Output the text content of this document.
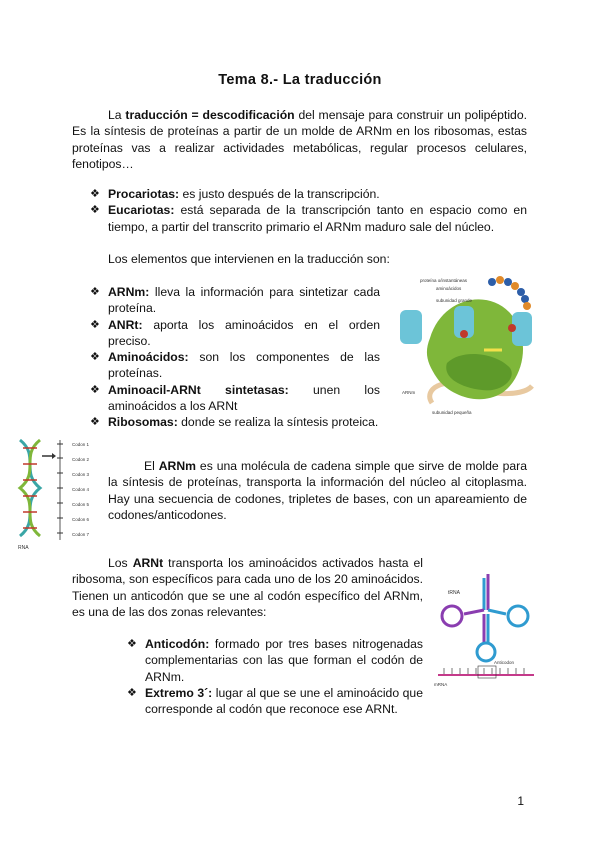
Tema 8.- La traducción

La traducción = descodificación del mensaje para construir un polipéptido. Es la síntesis de proteínas a partir de un molde de ARNm en los ribosomas, estas proteínas vas a realizar actividades metabólicas, regular procesos celulares, fenotipos…

❖ Procariotas: es justo después de la transcripción.
❖ Eucariotas: está separada de la transcripción tanto en espacio como en tiempo, a partir del transcrito primario el ARNm maduro sale del núcleo.

Los elementos que intervienen en la traducción son:

❖ ARNm: lleva la información para sintetizar cada proteína.
❖ ANRt: aporta los aminoácidos en el orden preciso.
❖ Aminoácidos: son los componentes de las proteínas.
❖ Aminoacil-ARNt sintetasas: unen los aminoácidos a los ARNt
❖ Ribosomas: donde se realiza la síntesis proteica.
proteína o/instantáneas
aminoácidos
subunidad grande
ARNm
subunidad pequeña
Codon 1
Codon 2
Codon 3
Codon 4
Codon 5
Codon 6
Codon 7
RNA

El ARNm es una molécula de cadena simple que sirve de molde para la síntesis de proteínas, transporta la información del núcleo al citoplasma. Hay una secuencia de codones, tripletes de bases, con un apareamiento de codones/anticodones.

Los ARNt transporta los aminoácidos activados hasta el ribosoma, son específicos para cada uno de los 20 aminoácidos. Tienen un anticodón que se une al codón específico del ARNm, es una de las dos zonas relevantes:

tRNA
Anticodon
mRNA
❖ Anticodón: formado por tres bases nitrogenadas complementarias con las que forman el codón de ARNm.
❖ Extremo 3´: lugar al que se une el aminoácido que corresponde al codón que reconoce ese ARNt.
1
